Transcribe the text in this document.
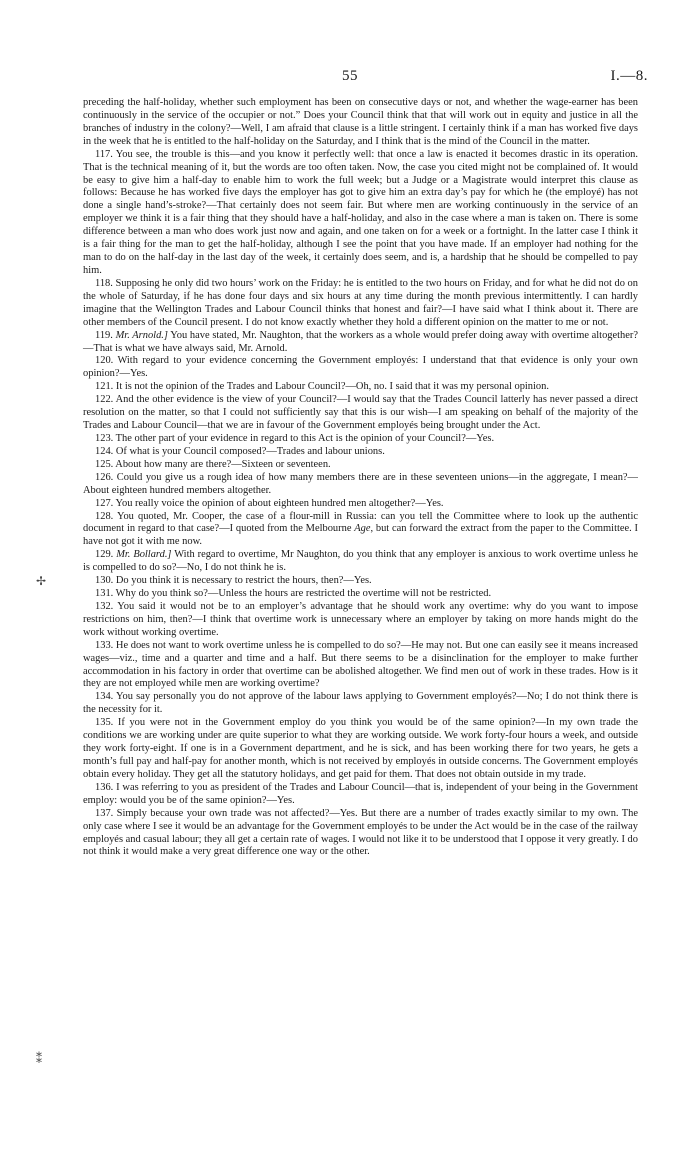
55	I.—8.
✢
⁑

preceding the half-holiday, whether such employment has been on consecutive days or not, and whether the wage-earner has been continuously in the service of the occupier or not.” Does your Council think that that will work out in equity and justice in all the branches of industry in the colony?—Well, I am afraid that clause is a little stringent. I certainly think if a man has worked five days in the week that he is entitled to the half-holiday on the Saturday, and I think that is the mind of the Council in the matter.

117. You see, the trouble is this—and you know it perfectly well: that once a law is enacted it becomes drastic in its operation. That is the technical meaning of it, but the words are too often taken. Now, the case you cited might not be complained of. It would be easy to give him a half-day to enable him to work the full week; but a Judge or a Magistrate would interpret this clause as follows: Because he has worked five days the employer has got to give him an extra day’s pay for which he (the employé) has not done a single hand’s-stroke?—That certainly does not seem fair. But where men are working continuously in the service of an employer we think it is a fair thing that they should have a half-holiday, and also in the case where a man is taken on. There is some difference between a man who does work just now and again, and one taken on for a week or a fortnight. In the latter case I think it is a fair thing for the man to get the half-holiday, although I see the point that you have made. If an employer had nothing for the man to do on the half-day in the last day of the week, it certainly does seem, and is, a hardship that he should be compelled to pay him.

118. Supposing he only did two hours’ work on the Friday: he is entitled to the two hours on Friday, and for what he did not do on the whole of Saturday, if he has done four days and six hours at any time during the month previous intermittently. I can hardly imagine that the Wellington Trades and Labour Council thinks that honest and fair?—I have said what I think about it. There are other members of the Council present. I do not know exactly whether they hold a different opinion on the matter to me or not.

119. Mr. Arnold.] You have stated, Mr. Naughton, that the workers as a whole would prefer doing away with overtime altogether?—That is what we have always said, Mr. Arnold.

120. With regard to your evidence concerning the Government employés: I understand that that evidence is only your own opinion?—Yes.

121. It is not the opinion of the Trades and Labour Council?—Oh, no. I said that it was my personal opinion.

122. And the other evidence is the view of your Council?—I would say that the Trades Council latterly has never passed a direct resolution on the matter, so that I could not sufficiently say that this is our wish—I am speaking on behalf of the majority of the Trades and Labour Council—that we are in favour of the Government employés being brought under the Act.

123. The other part of your evidence in regard to this Act is the opinion of your Council?—Yes.

124. Of what is your Council composed?—Trades and labour unions.

125. About how many are there?—Sixteen or seventeen.

126. Could you give us a rough idea of how many members there are in these seventeen unions—in the aggregate, I mean?—About eighteen hundred members altogether.

127. You really voice the opinion of about eighteen hundred men altogether?—Yes.

128. You quoted, Mr. Cooper, the case of a flour-mill in Russia: can you tell the Committee where to look up the authentic document in regard to that case?—I quoted from the Melbourne Age, but can forward the extract from the paper to the Committee. I have not got it with me now.

129. Mr. Bollard.] With regard to overtime, Mr Naughton, do you think that any employer is anxious to work overtime unless he is compelled to do so?—No, I do not think he is.

130. Do you think it is necessary to restrict the hours, then?—Yes.

131. Why do you think so?—Unless the hours are restricted the overtime will not be restricted.

132. You said it would not be to an employer’s advantage that he should work any overtime: why do you want to impose restrictions on him, then?—I think that overtime work is unnecessary where an employer by taking on more hands might do the work without working overtime.

133. He does not want to work overtime unless he is compelled to do so?—He may not. But one can easily see it means increased wages—viz., time and a quarter and time and a half. But there seems to be a disinclination for the employer to make further accommodation in his factory in order that overtime can be abolished altogether. We find men out of work in these trades. How is it they are not employed while men are working overtime?

134. You say personally you do not approve of the labour laws applying to Government employés?—No; I do not think there is the necessity for it.

135. If you were not in the Government employ do you think you would be of the same opinion?—In my own trade the conditions we are working under are quite superior to what they are working outside. We work forty-four hours a week, and outside they work forty-eight. If one is in a Government department, and he is sick, and has been working there for two years, he gets a month’s full pay and half-pay for another month, which is not received by employés in outside concerns. The Government employés obtain every holiday. They get all the statutory holidays, and get paid for them. That does not obtain outside in my trade.

136. I was referring to you as president of the Trades and Labour Council—that is, independent of your being in the Government employ: would you be of the same opinion?—Yes.

137. Simply because your own trade was not affected?—Yes. But there are a number of trades exactly similar to my own. The only case where I see it would be an advantage for the Government employés to be under the Act would be in the case of the railway employés and casual labour; they all get a certain rate of wages. I would not like it to be understood that I oppose it very greatly. I do not think it would make a very great difference one way or the other.
